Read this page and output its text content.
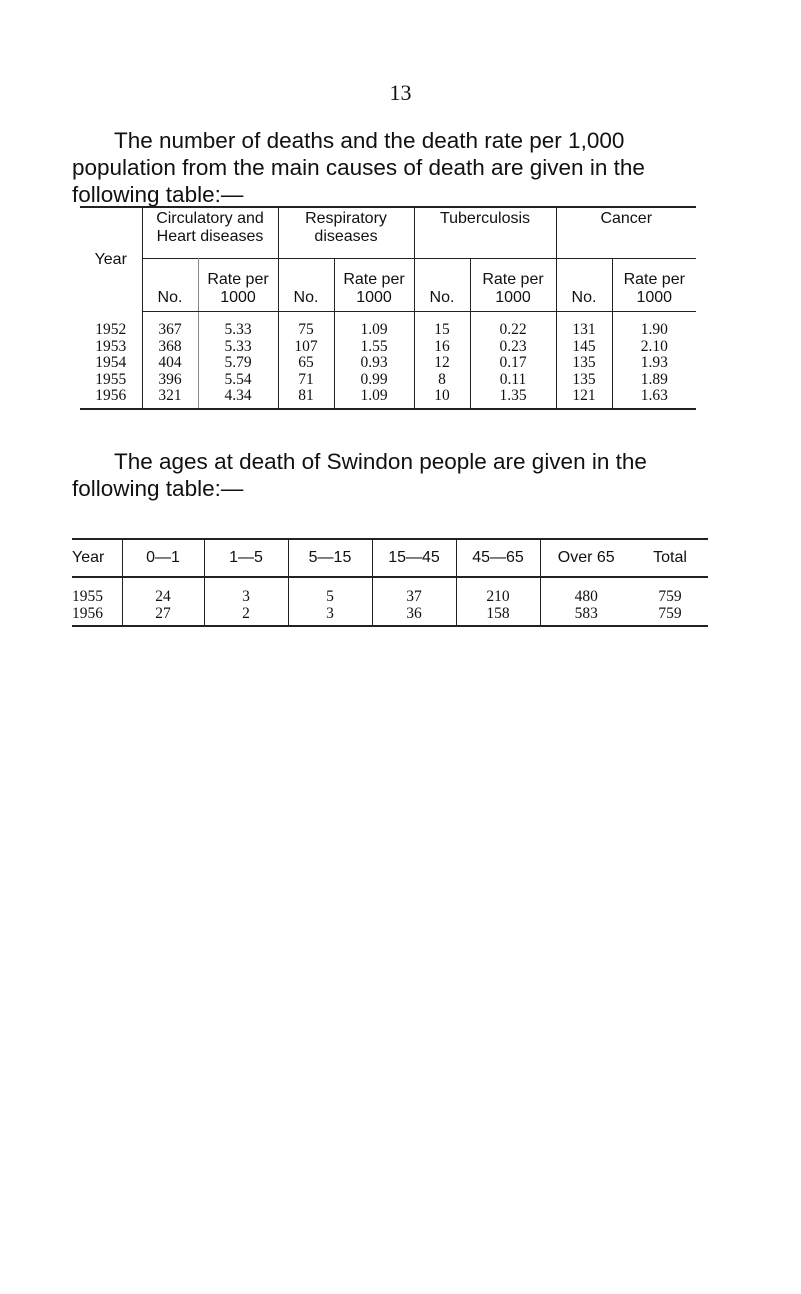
13

The number of deaths and the death rate per 1,000 population from the main causes of death are given in the following table:—

Year	Circulatory and Heart diseases		Respiratory diseases		Tuberculosis		Cancer	
	No.	Rate per 1000	No.	Rate per 1000	No.	Rate per 1000	No.	Rate per 1000
1952	367	5.33	75	1.09	15	0.22	131	1.90
1953	368	5.33	107	1.55	16	0.23	145	2.10
1954	404	5.79	65	0.93	12	0.17	135	1.93
1955	396	5.54	71	0.99	8	0.11	135	1.89
1956	321	4.34	81	1.09	10	1.35	121	1.63

The ages at death of Swindon people are given in the following table:—

Year	0—1	1—5	5—15	15—45	45—65	Over 65	Total
1955	24	3	5	37	210	480	759
1956	27	2	3	36	158	583	759
